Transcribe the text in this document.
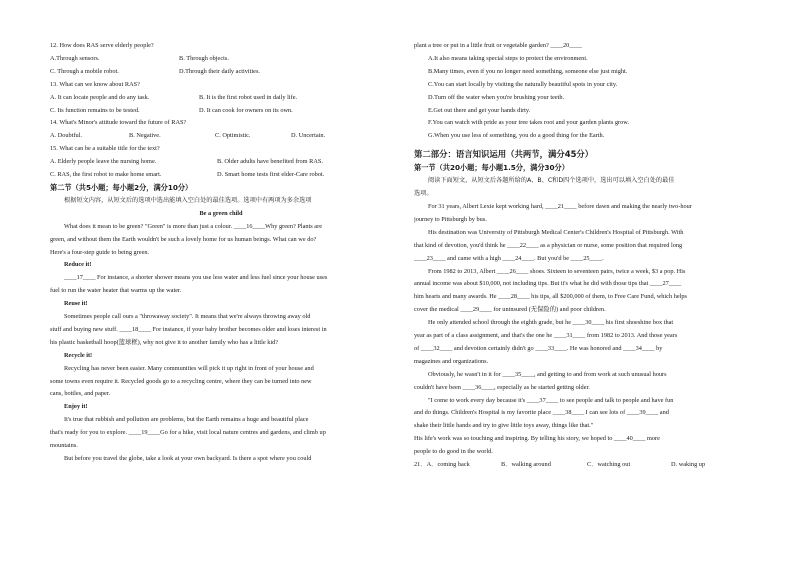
12. How does RAS serve elderly people?
A.Through sensors.	B. Through objects.
C. Through a mobile robot.	D.Through their daily activities.
13. What can we know about RAS?
A. It can locate people and do any task.	B. It is the first robot used in daily life.
C. Its function remains to be tested.	D. It can cook for owners on its own.
14. What's Minor's attitude toward the future of RAS?
A. Doubtful.	B. Negative.	C. Optimistic.	D. Uncertain.
15. What can be a suitable title for the text?
A. Elderly people leave the nursing home.	B. Older adults have benefited from RAS.
C. RAS, the first robot to make home smart.	D. Smart home tests first elder-Care robot.
第二节（共5小题；每小题2分，满分10分）
根据短文内容，从短文后的选项中选出能填入空白处的最佳选项。选项中有两项为多余选项
Be a green child
What does it mean to be green? "Green" is more than just a colour. ____16____Why green? Plants are
green, and without them the Earth wouldn't be such a lovely home for us human beings. What can we do?
Here's a four-step guide to being green.
Reduce it!
____17____ For instance, a shorter shower means you use less water and less fuel since your house uses
fuel to run the water heater that warms up the water.
Reuse it!
Sometimes people call ours a "throwaway society". It means that we're always throwing away old
stuff and buying new stuff. ____18____ For instance, if your baby brother becomes older and loses interest in
his plastic basketball hoop(篮球框), why not give it to another family who has a little kid?
Recycle it!
Recycling has never been easier. Many communities will pick it up right in front of your house and
some towns even require it. Recycled goods go to a recycling centre, where they can be turned into new
cans, bottles, and paper.
Enjoy it!
It's true that rubbish and pollution are problems, but the Earth remains a huge and beautiful place
that's ready for you to explore. ____19____Go for a hike, visit local nature centres and gardens, and climb up
mountains.
But before you travel the globe, take a look at your own backyard. Is there a spot where you could
plant a tree or put in a little fruit or vegetable garden? ____20____
A.It also means taking special steps to protect the environment.
B.Many times, even if you no longer need something, someone else just might.
C.You can start locally by visiting the naturally beautiful spots in your city.
D.Turn off the water when you're brushing your teeth.
E.Get out there and get your hands dirty.
F.You can watch with pride as your tree takes root and your garden plants grow.
G.When you use less of something, you do a good thing for the Earth.
第二部分：语言知识运用（共两节，满分45分）
第一节（共20小题；每小题1.5分，满分30分）
阅读下面短文，从短文后各题所给的A、B、C和D四个选项中，选出可以填入空白处的最佳
选项。
For 31 years, Albert Lexie kept working hard, ____21____ before dawn and making the nearly two-hour
journey to Pittsburgh by bus.
His destination was University of Pittsburgh Medical Center's Children's Hospital of Pittsburgh. With
that kind of devotion, you'd think he ____22____ as a physician or nurse, some position that required long
____23____ and came with a high ____24____. But you'd be ____25____.
From 1982 to 2013, Albert ____26____ shoes. Sixteen to seventeen pairs, twice a week, $3 a pop. His
annual income was about $10,000, not including tips. But it's what he did with those tips that ____27____
him hearts and many awards. He ____28____ his tips, all $200,000 of them, to Free Care Fund, which helps
cover the medical ____29____ for uninsured (无保险的) and poor children.
He only attended school through the eighth grade, but he ____30____ his first shoeshine box that
year as part of a class assignment, and that's the one he ____31____ from 1982 to 2013. And those years
of ____32____ and devotion certainly didn't go ____33____. He was honored and ____34____ by
magazines and organizations.
Obviously, he wasn't in it for ____35____, and getting to and from work at such unusual hours
couldn't have been ____36____, especially as he started getting older.
"I come to work every day because it's ____37____ to see people and talk to people and have fun
and do things. Children's Hospital is my favorite place ____38____ I can see lots of ____39____ and
shake their little hands and try to give little toys away, things like that."
His life's work was so touching and inspiring. By telling his story, we hoped to ____40____ more
people to do good in the world.
21．A．coming back	B．walking around	C．watching out	D. waking up
